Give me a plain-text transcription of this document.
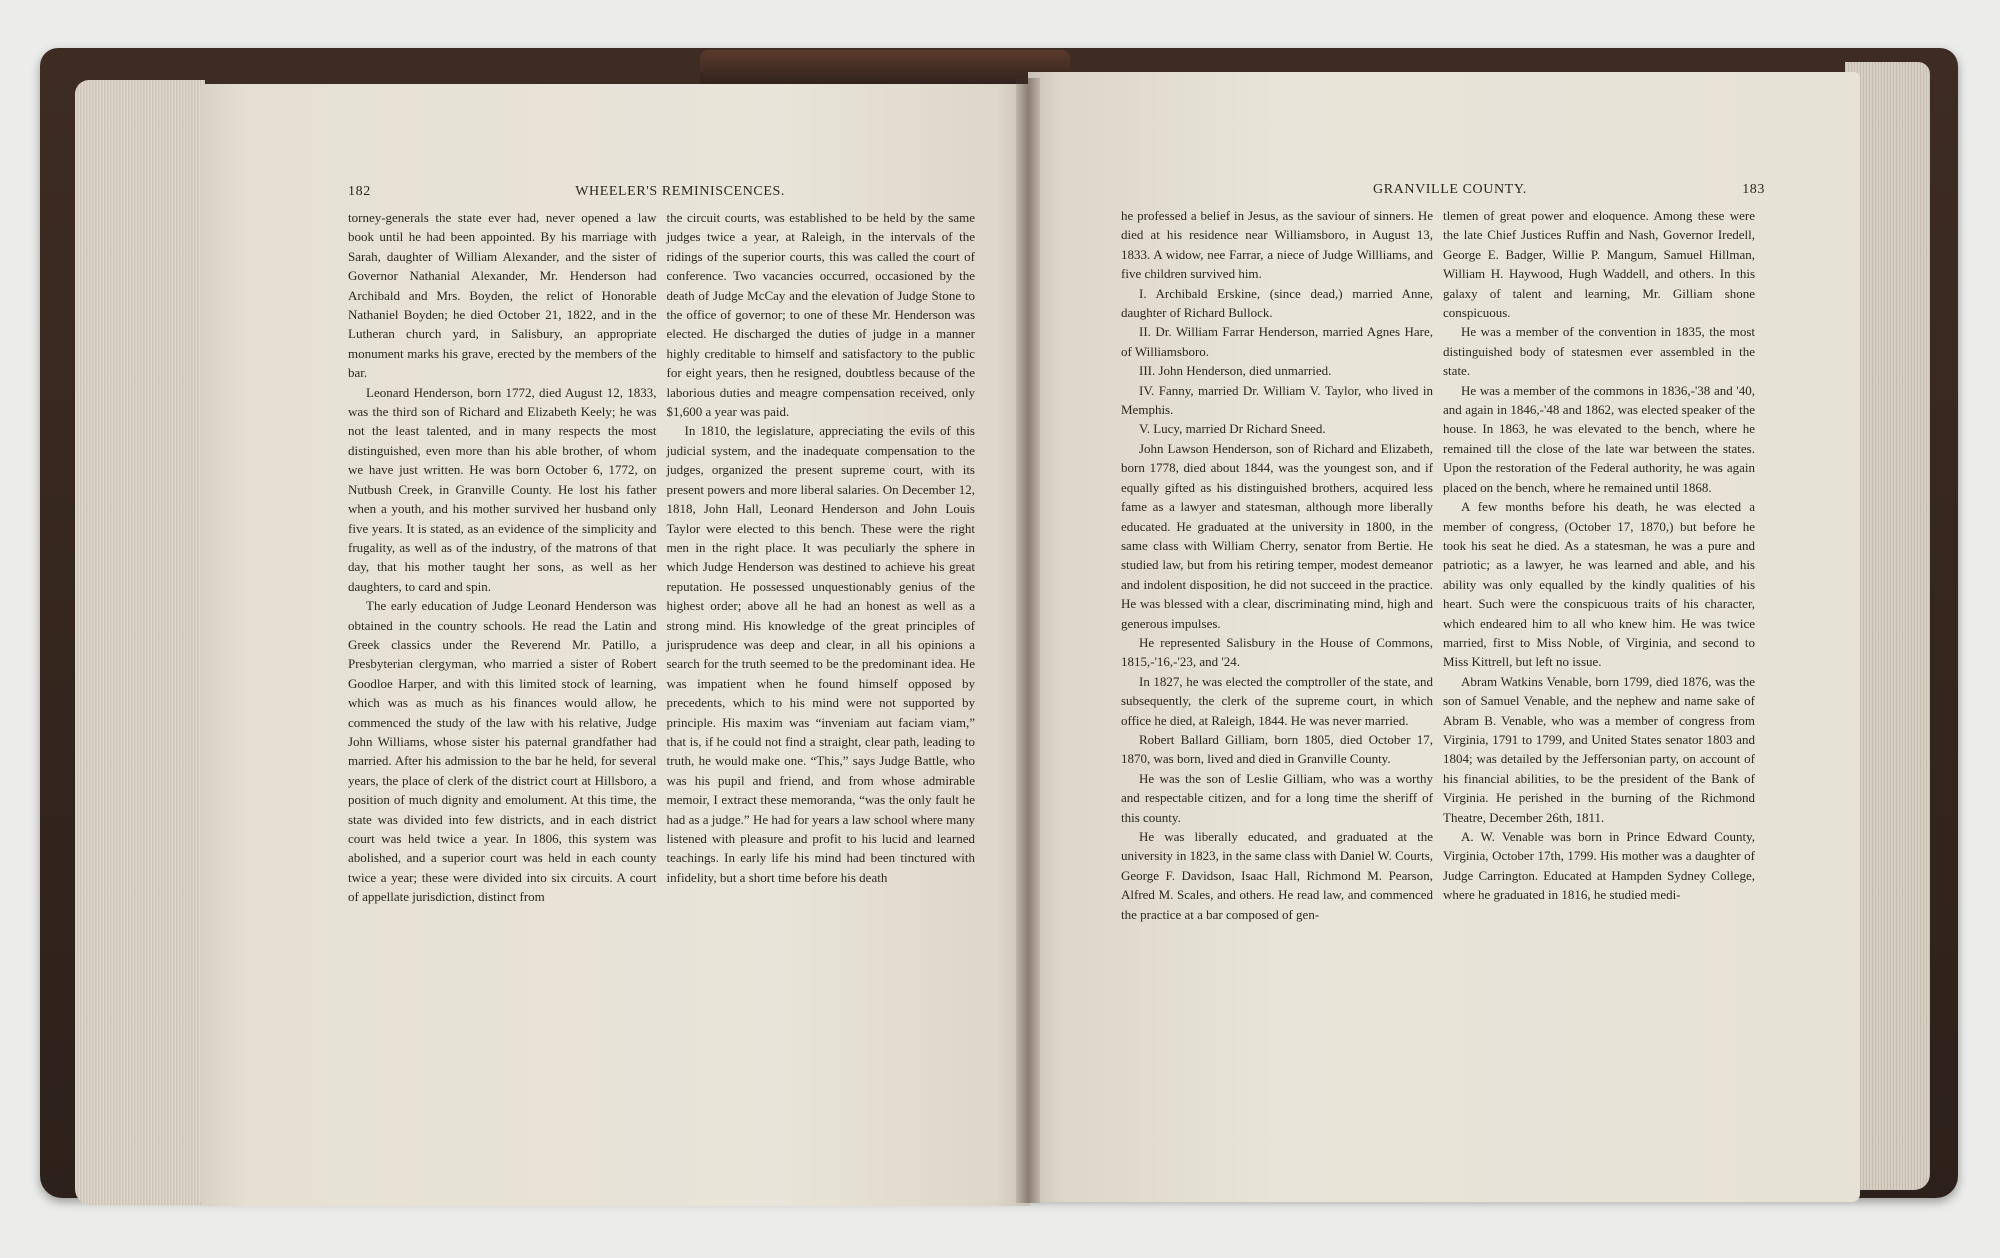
182	WHEELER'S REMINISCENCES.

torney-generals the state ever had, never opened a law book until he had been appointed. By his marriage with Sarah, daughter of William Alexander, and the sister of Governor Nathanial Alexander, Mr. Henderson had Archibald and Mrs. Boyden, the relict of Honorable Nathaniel Boyden; he died October 21, 1822, and in the Lutheran church yard, in Salisbury, an appropriate monument marks his grave, erected by the members of the bar.

Leonard Henderson, born 1772, died August 12, 1833, was the third son of Richard and Elizabeth Keely; he was not the least talented, and in many respects the most distinguished, even more than his able brother, of whom we have just written. He was born October 6, 1772, on Nutbush Creek, in Granville County. He lost his father when a youth, and his mother survived her husband only five years. It is stated, as an evidence of the simplicity and frugality, as well as of the industry, of the matrons of that day, that his mother taught her sons, as well as her daughters, to card and spin.

The early education of Judge Leonard Henderson was obtained in the country schools. He read the Latin and Greek classics under the Reverend Mr. Patillo, a Presbyterian clergyman, who married a sister of Robert Goodloe Harper, and with this limited stock of learning, which was as much as his finances would allow, he commenced the study of the law with his relative, Judge John Williams, whose sister his paternal grandfather had married. After his admission to the bar he held, for several years, the place of clerk of the district court at Hillsboro, a position of much dignity and emolument. At this time, the state was divided into few districts, and in each district court was held twice a year. In 1806, this system was abolished, and a superior court was held in each county twice a year; these were divided into six circuits. A court of appellate jurisdiction, distinct from

the circuit courts, was established to be held by the same judges twice a year, at Raleigh, in the intervals of the ridings of the superior courts, this was called the court of conference. Two vacancies occurred, occasioned by the death of Judge McCay and the elevation of Judge Stone to the office of governor; to one of these Mr. Henderson was elected. He discharged the duties of judge in a manner highly creditable to himself and satisfactory to the public for eight years, then he resigned, doubtless because of the laborious duties and meagre compensation received, only $1,600 a year was paid.

In 1810, the legislature, appreciating the evils of this judicial system, and the inadequate compensation to the judges, organized the present supreme court, with its present powers and more liberal salaries. On December 12, 1818, John Hall, Leonard Henderson and John Louis Taylor were elected to this bench. These were the right men in the right place. It was peculiarly the sphere in which Judge Henderson was destined to achieve his great reputation. He possessed unquestionably genius of the highest order; above all he had an honest as well as a strong mind. His knowledge of the great principles of jurisprudence was deep and clear, in all his opinions a search for the truth seemed to be the predominant idea. He was impatient when he found himself opposed by precedents, which to his mind were not supported by principle. His maxim was “inveniam aut faciam viam,” that is, if he could not find a straight, clear path, leading to truth, he would make one. “This,” says Judge Battle, who was his pupil and friend, and from whose admirable memoir, I extract these memoranda, “was the only fault he had as a judge.” He had for years a law school where many listened with pleasure and profit to his lucid and learned teachings. In early life his mind had been tinctured with infidelity, but a short time before his death

GRANVILLE COUNTY.	183

he professed a belief in Jesus, as the saviour of sinners. He died at his residence near Williamsboro, in August 13, 1833. A widow, nee Farrar, a niece of Judge Willliams, and five children survived him.

I. Archibald Erskine, (since dead,) married Anne, daughter of Richard Bullock.

II. Dr. William Farrar Henderson, married Agnes Hare, of Williamsboro.

III. John Henderson, died unmarried.

IV. Fanny, married Dr. William V. Taylor, who lived in Memphis.

V. Lucy, married Dr Richard Sneed.

John Lawson Henderson, son of Richard and Elizabeth, born 1778, died about 1844, was the youngest son, and if equally gifted as his distinguished brothers, acquired less fame as a lawyer and statesman, although more liberally educated. He graduated at the university in 1800, in the same class with William Cherry, senator from Bertie. He studied law, but from his retiring temper, modest demeanor and indolent disposition, he did not succeed in the practice. He was blessed with a clear, discriminating mind, high and generous impulses.

He represented Salisbury in the House of Commons, 1815,-'16,-'23, and '24.

In 1827, he was elected the comptroller of the state, and subsequently, the clerk of the supreme court, in which office he died, at Raleigh, 1844. He was never married.

Robert Ballard Gilliam, born 1805, died October 17, 1870, was born, lived and died in Granville County.

He was the son of Leslie Gilliam, who was a worthy and respectable citizen, and for a long time the sheriff of this county.

He was liberally educated, and graduated at the university in 1823, in the same class with Daniel W. Courts, George F. Davidson, Isaac Hall, Richmond M. Pearson, Alfred M. Scales, and others. He read law, and commenced the practice at a bar composed of gen-

tlemen of great power and eloquence. Among these were the late Chief Justices Ruffin and Nash, Governor Iredell, George E. Badger, Willie P. Mangum, Samuel Hillman, William H. Haywood, Hugh Waddell, and others. In this galaxy of talent and learning, Mr. Gilliam shone conspicuous.

He was a member of the convention in 1835, the most distinguished body of statesmen ever assembled in the state.

He was a member of the commons in 1836,-'38 and '40, and again in 1846,-'48 and 1862, was elected speaker of the house. In 1863, he was elevated to the bench, where he remained till the close of the late war between the states. Upon the restoration of the Federal authority, he was again placed on the bench, where he remained until 1868.

A few months before his death, he was elected a member of congress, (October 17, 1870,) but before he took his seat he died. As a statesman, he was a pure and patriotic; as a lawyer, he was learned and able, and his ability was only equalled by the kindly qualities of his heart. Such were the conspicuous traits of his character, which endeared him to all who knew him. He was twice married, first to Miss Noble, of Virginia, and second to Miss Kittrell, but left no issue.

Abram Watkins Venable, born 1799, died 1876, was the son of Samuel Venable, and the nephew and name sake of Abram B. Venable, who was a member of congress from Virginia, 1791 to 1799, and United States senator 1803 and 1804; was detailed by the Jeffersonian party, on account of his financial abilities, to be the president of the Bank of Virginia. He perished in the burning of the Richmond Theatre, December 26th, 1811.

A. W. Venable was born in Prince Edward County, Virginia, October 17th, 1799. His mother was a daughter of Judge Carrington. Educated at Hampden Sydney College, where he graduated in 1816, he studied medi-
